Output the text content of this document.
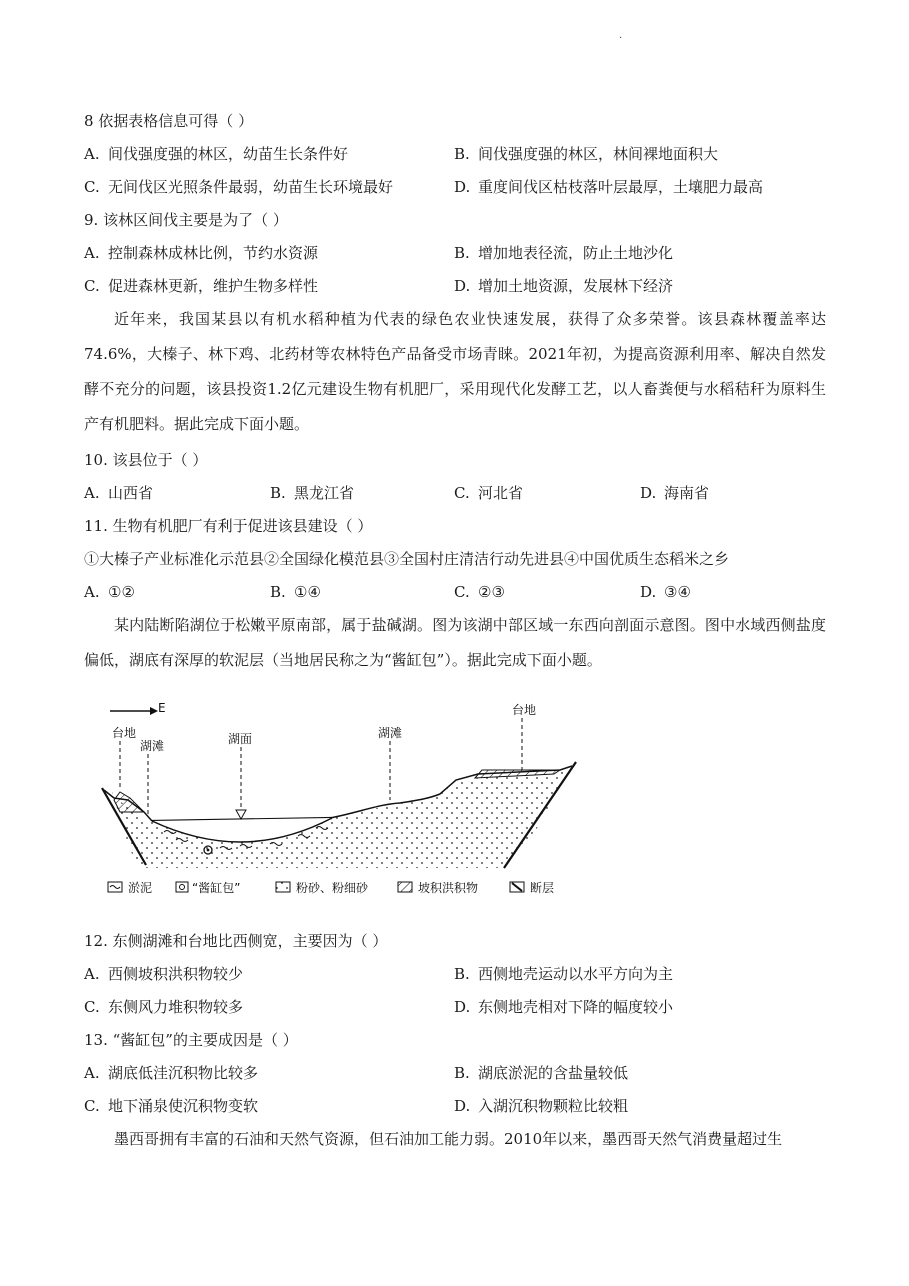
.
8 依据表格信息可得（ ）
A. 间伐强度强的林区，幼苗生长条件好	B. 间伐强度强的林区，林间裸地面积大
C. 无间伐区光照条件最弱，幼苗生长环境最好	D. 重度间伐区枯枝落叶层最厚，土壤肥力最高
9. 该林区间伐主要是为了（ ）
A. 控制森林成林比例，节约水资源	B. 增加地表径流，防止土地沙化
C. 促进森林更新，维护生物多样性	D. 增加土地资源，发展林下经济

近年来，我国某县以有机水稻种植为代表的绿色农业快速发展，获得了众多荣誉。该县森林覆盖率达74.6%，大榛子、林下鸡、北药材等农林特色产品备受市场青睐。2021年初，为提高资源利用率、解决自然发酵不充分的问题，该县投资1.2亿元建设生物有机肥厂，采用现代化发酵工艺，以人畜粪便与水稻秸秆为原料生产有机肥料。据此完成下面小题。

10. 该县位于（ ）
A. 山西省	B. 黑龙江省	C. 河北省	D. 海南省
11. 生物有机肥厂有利于促进该县建设（ ）
①大榛子产业标准化示范县②全国绿化模范县③全国村庄清洁行动先进县④中国优质生态稻米之乡
A. ①②	B. ①④	C. ②③	D. ③④

某内陆断陷湖位于松嫩平原南部，属于盐碱湖。图为该湖中部区域一东西向剖面示意图。图中水域西侧盐度偏低，湖底有深厚的软泥层（当地居民称之为“酱缸包”）。据此完成下面小题。

E
台地
湖滩	湖面	湖滩
台地
淤泥	“酱缸包”	粉砂、粉细砂	坡积洪积物	断层
12. 东侧湖滩和台地比西侧宽，主要因为（ ）
A. 西侧坡积洪积物较少	B. 西侧地壳运动以水平方向为主
C. 东侧风力堆积物较多	D. 东侧地壳相对下降的幅度较小
13. “酱缸包”的主要成因是（ ）
A. 湖底低洼沉积物比较多	B. 湖底淤泥的含盐量较低
C. 地下涌泉使沉积物变软	D. 入湖沉积物颗粒比较粗

墨西哥拥有丰富的石油和天然气资源，但石油加工能力弱。2010年以来，墨西哥天然气消费量超过生
